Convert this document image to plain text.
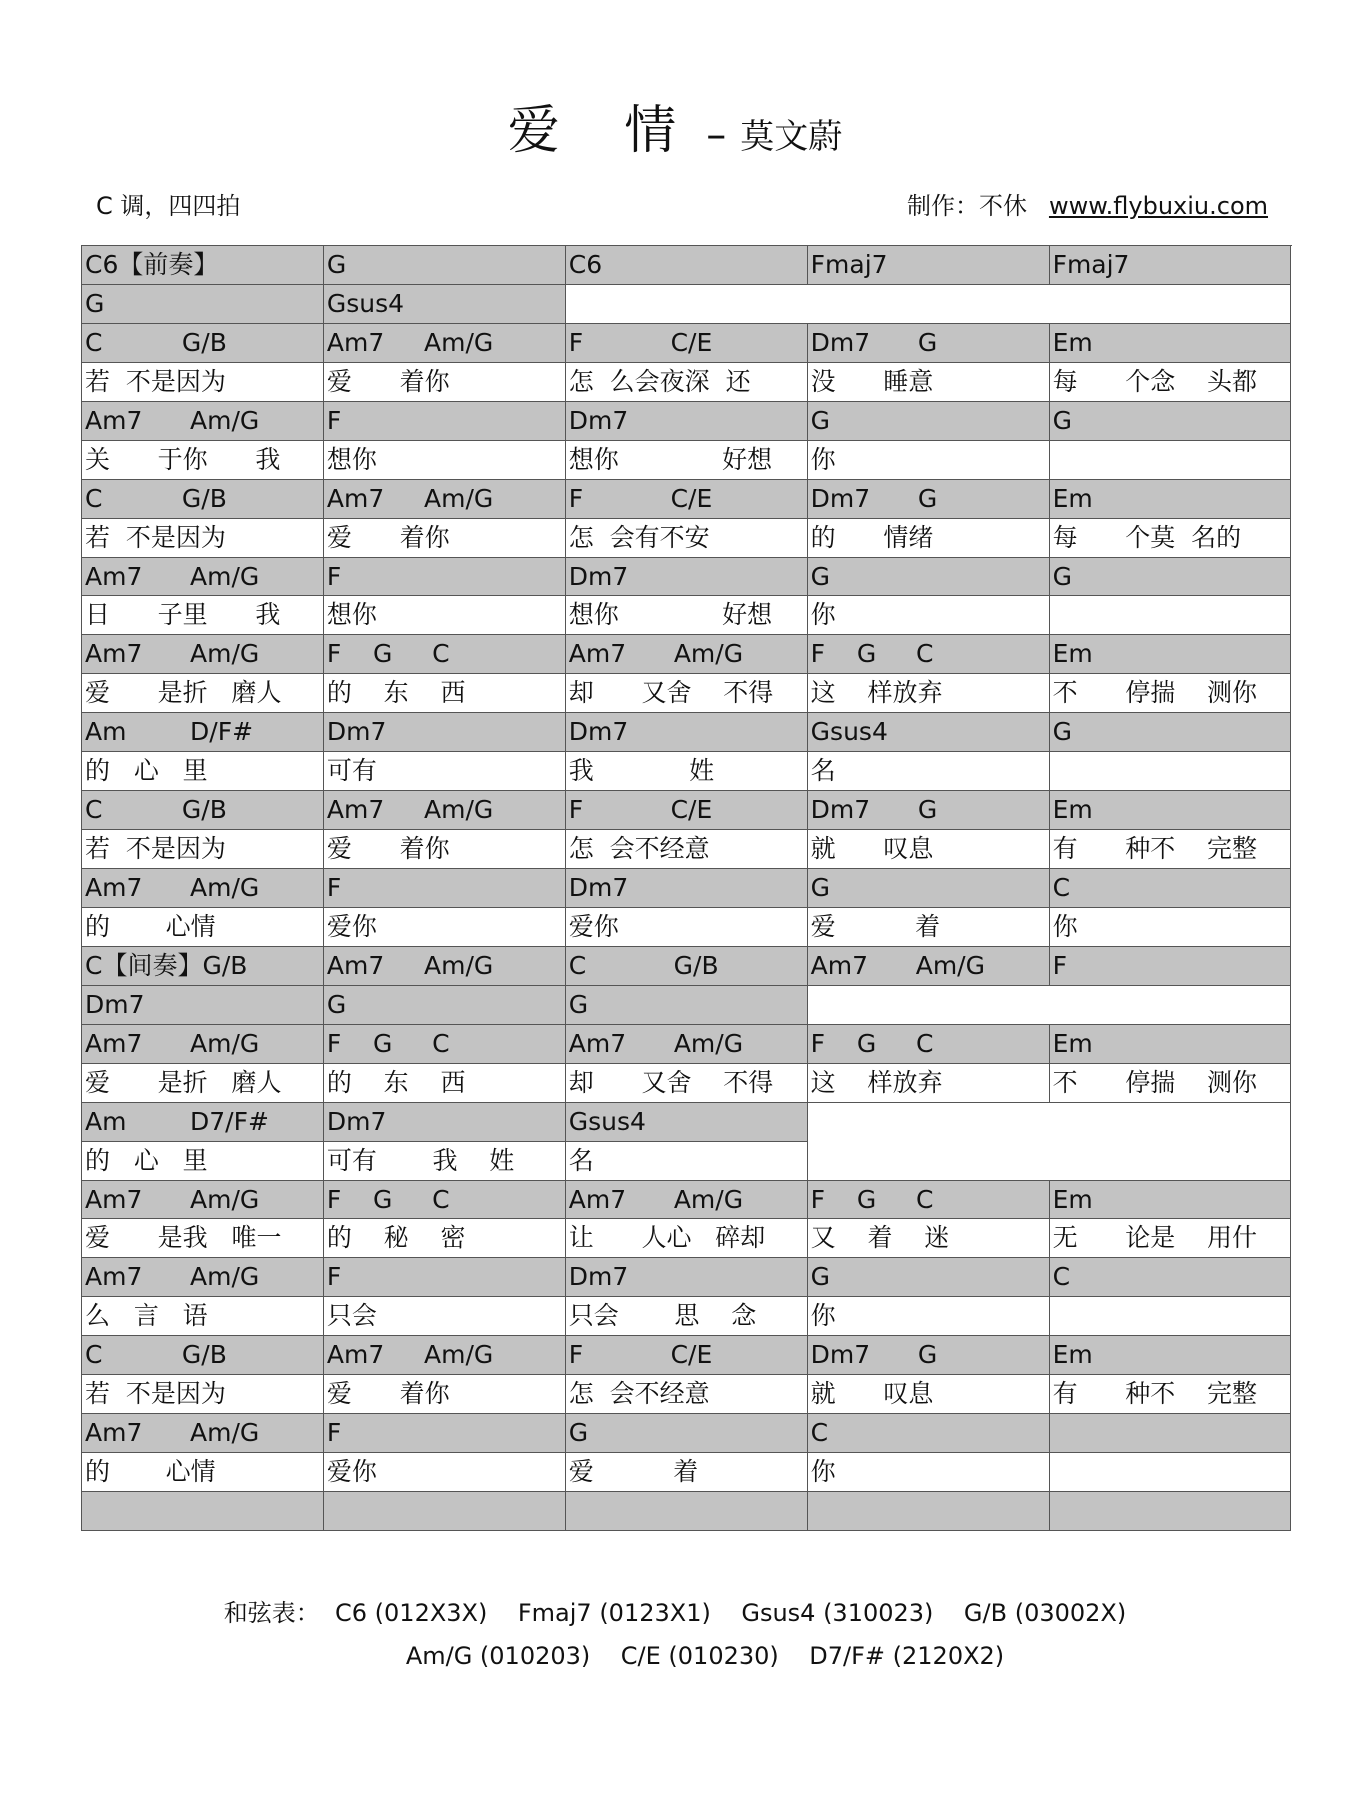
爱 情 – 莫文蔚
C 调，四四拍	制作：不休 www.flybuxiu.com
C6【前奏】	G	C6	Fmaj7	Fmaj7
G	Gsus4
C          G/B	Am7     Am/G	F           C/E	Dm7      G	Em
若  不是因为	爱      着你	怎  么会夜深  还	没      睡意	每      个念    头都
Am7      Am/G	F	Dm7	G	G
关      于你      我	想你	想你             好想	你
C          G/B	Am7     Am/G	F           C/E	Dm7      G	Em
若  不是因为	爱      着你	怎  会有不安	的      情绪	每      个莫  名的
Am7      Am/G	F	Dm7	G	G
日      子里      我	想你	想你             好想	你
Am7      Am/G	F    G     C	Am7      Am/G	F    G     C	Em
爱      是折   磨人	的    东    西	却      又舍    不得	这    样放弃	不      停揣    测你
Am        D/F#	Dm7	Dm7	Gsus4	G
的   心   里	可有	我            姓	名
C          G/B	Am7     Am/G	F           C/E	Dm7      G	Em
若  不是因为	爱      着你	怎  会不经意	就      叹息	有      种不    完整
Am7      Am/G	F	Dm7	G	C
的       心情	爱你	爱你	爱          着	你
C【间奏】G/B	Am7     Am/G	C           G/B	Am7      Am/G	F
Dm7	G	G
Am7      Am/G	F    G     C	Am7      Am/G	F    G     C	Em
爱      是折   磨人	的    东    西	却      又舍    不得	这    样放弃	不      停揣    测你
Am        D7/F#	Dm7	Gsus4
的   心   里	可有       我    姓	名
Am7      Am/G	F    G     C	Am7      Am/G	F    G     C	Em
爱      是我   唯一	的    秘    密	让      人心   碎却	又    着    迷	无      论是    用什
Am7      Am/G	F	Dm7	G	C
么   言   语	只会	只会       思    念	你
C          G/B	Am7     Am/G	F           C/E	Dm7      G	Em
若  不是因为	爱      着你	怎  会不经意	就      叹息	有      种不    完整
Am7      Am/G	F	G	C
的       心情	爱你	爱          着	你
和弦表：  C6 (012X3X)    Fmaj7 (0123X1)    Gsus4 (310023)    G/B (03002X)
Am/G (010203)    C/E (010230)    D7/F# (2120X2)
